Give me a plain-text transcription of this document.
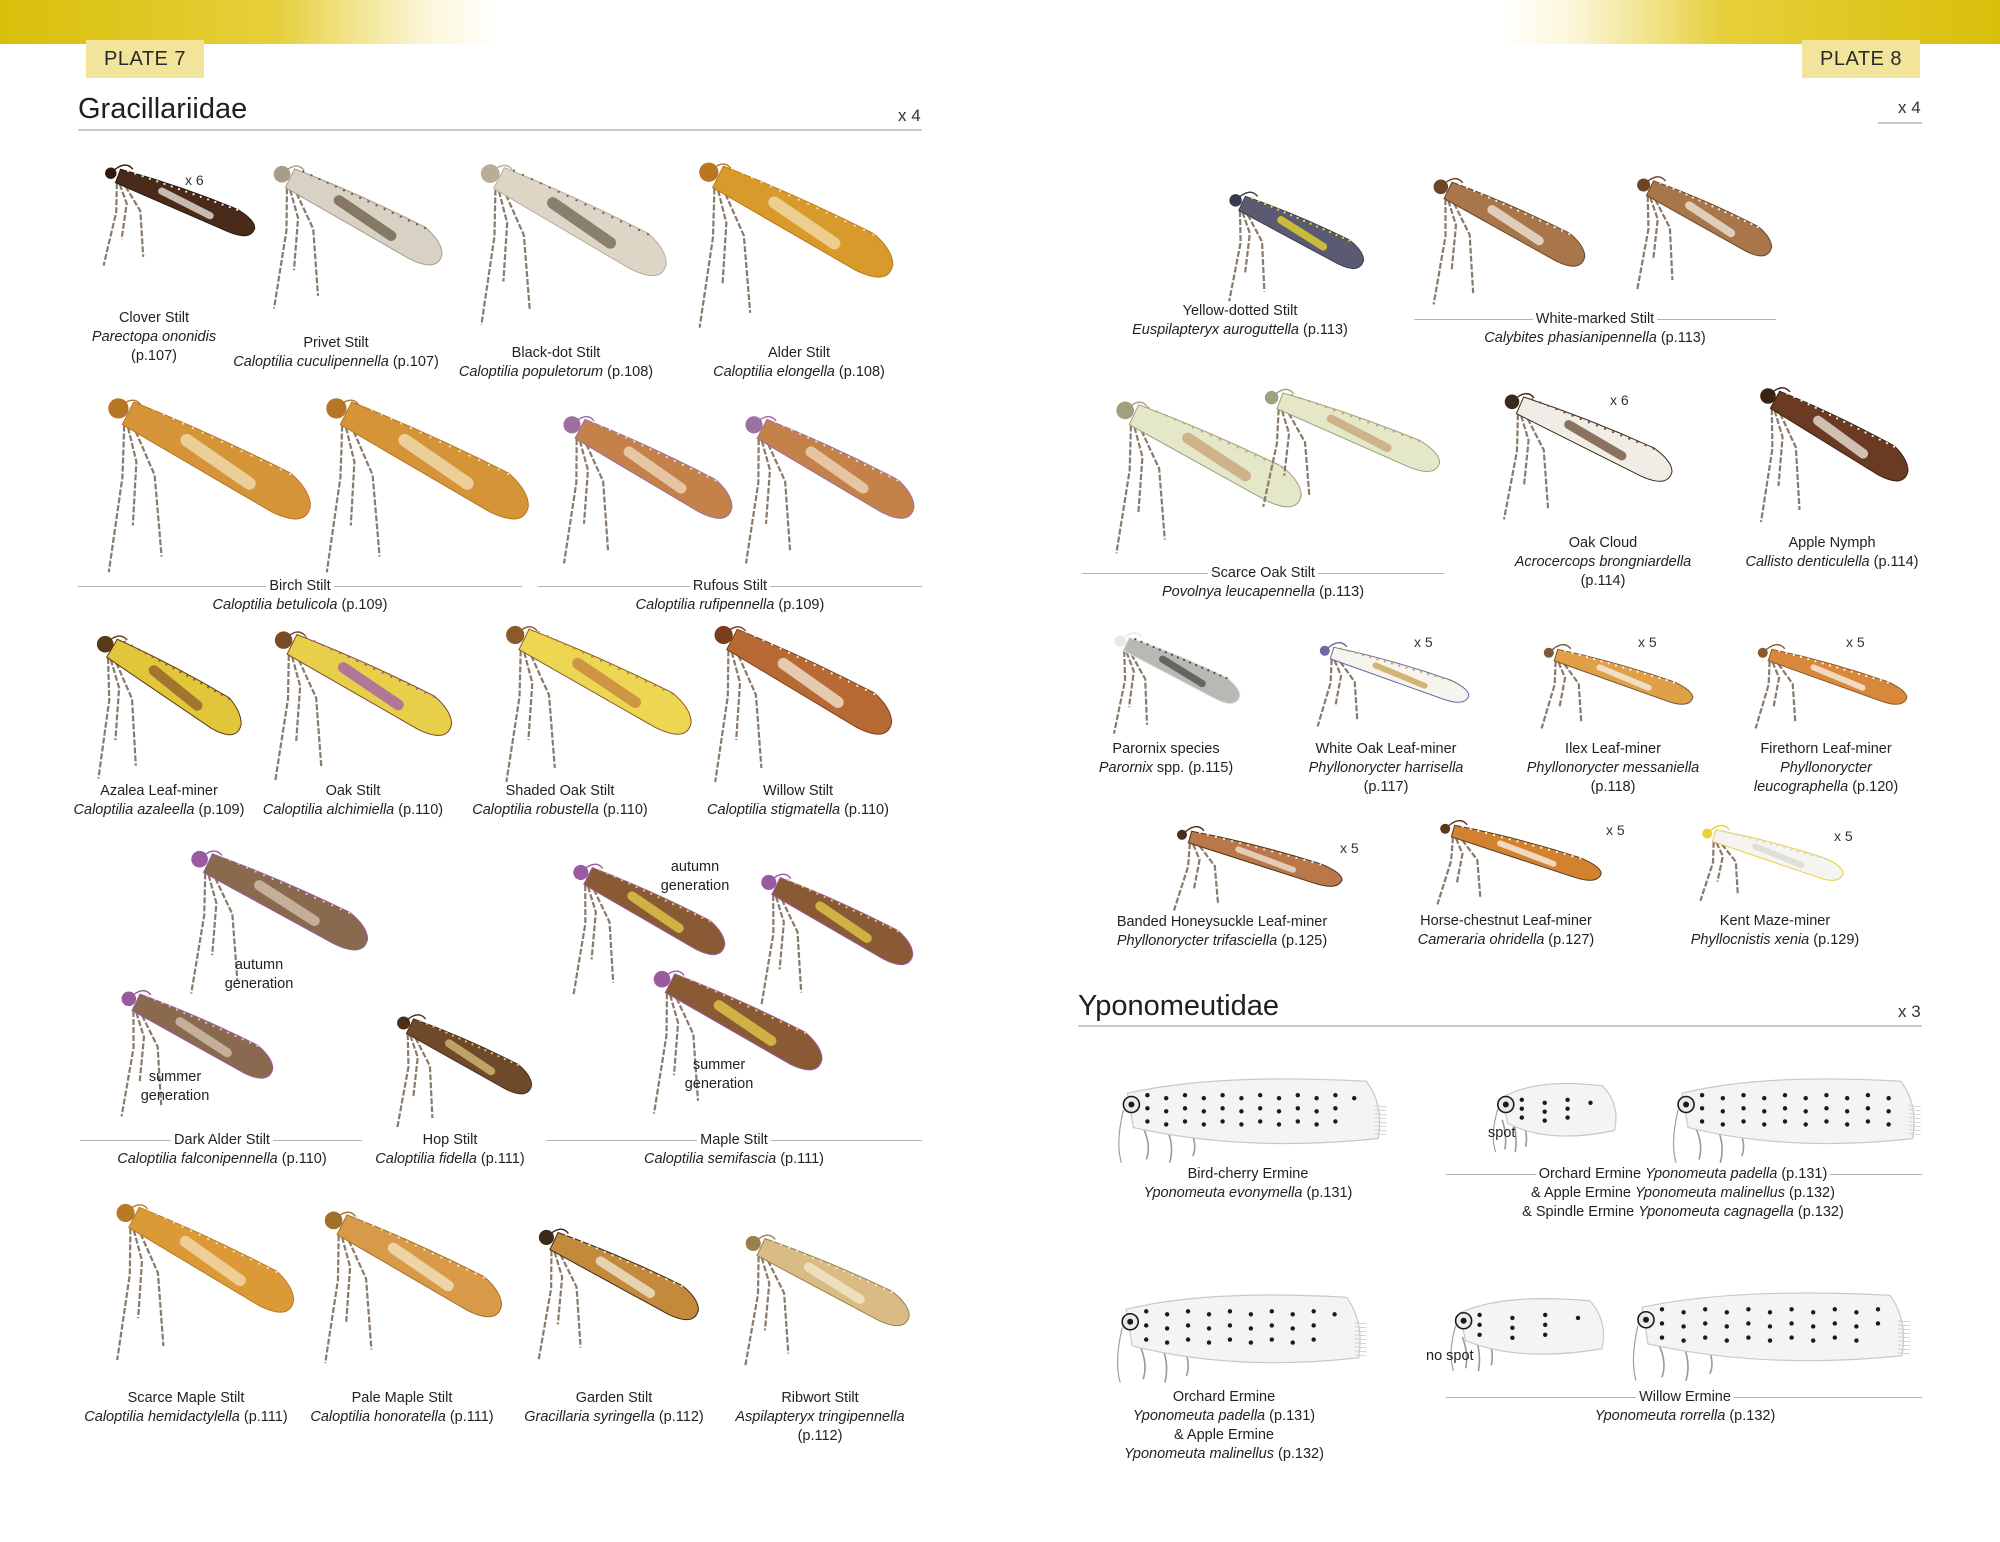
PLATE 7	PLATE 8
Gracillariidae	x 4	x 4
x 6
Clover Stilt
Parectopa ononidis
(p.107)
Privet Stilt
Caloptilia cuculipennella (p.107)
Black-dot Stilt
Caloptilia populetorum (p.108)
Alder Stilt
Caloptilia elongella (p.108)
Birch Stilt
Caloptilia betulicola (p.109)
Rufous Stilt
Caloptilia rufipennella (p.109)
Azalea Leaf-miner
Caloptilia azaleella (p.109)
Oak Stilt
Caloptilia alchimiella (p.110)
Shaded Oak Stilt
Caloptilia robustella (p.110)
Willow Stilt
Caloptilia stigmatella (p.110)
autumn
generation
summer
generation
autumn
generation
summer
generation
Dark Alder Stilt
Caloptilia falconipennella (p.110)
Hop Stilt
Caloptilia fidella (p.111)
Maple Stilt
Caloptilia semifascia (p.111)
Scarce Maple Stilt
Caloptilia hemidactylella (p.111)
Pale Maple Stilt
Caloptilia honoratella (p.111)
Garden Stilt
Gracillaria syringella (p.112)
Ribwort Stilt
Aspilapteryx tringipennella
(p.112)
Yellow-dotted Stilt
Euspilapteryx auroguttella (p.113)
White-marked Stilt
Calybites phasianipennella (p.113)
x 6
Scarce Oak Stilt
Povolnya leucapennella (p.113)
Oak Cloud
Acrocercops brongniardella
(p.114)
Apple Nymph
Callisto denticulella (p.114)
x 5	x 5	x 5
Parornix species
Parornix spp. (p.115)
White Oak Leaf-miner
Phyllonorycter harrisella
(p.117)
Ilex Leaf-miner
Phyllonorycter messaniella
(p.118)
Firethorn Leaf-miner
Phyllonorycter
leucographella (p.120)
x 5
x 5	x 5
Banded Honeysuckle Leaf-miner
Phyllonorycter trifasciella (p.125)
Horse-chestnut Leaf-miner
Cameraria ohridella (p.127)
Kent Maze-miner
Phyllocnistis xenia (p.129)
Yponomeutidae	x 3
spot
Bird-cherry Ermine
Yponomeuta evonymella (p.131)
Orchard Ermine Yponomeuta padella (p.131)
& Apple Ermine Yponomeuta malinellus (p.132)
& Spindle Ermine Yponomeuta cagnagella (p.132)
no spot
Orchard Ermine
Yponomeuta padella (p.131)
& Apple Ermine
Yponomeuta malinellus (p.132)
Willow Ermine
Yponomeuta rorrella (p.132)
